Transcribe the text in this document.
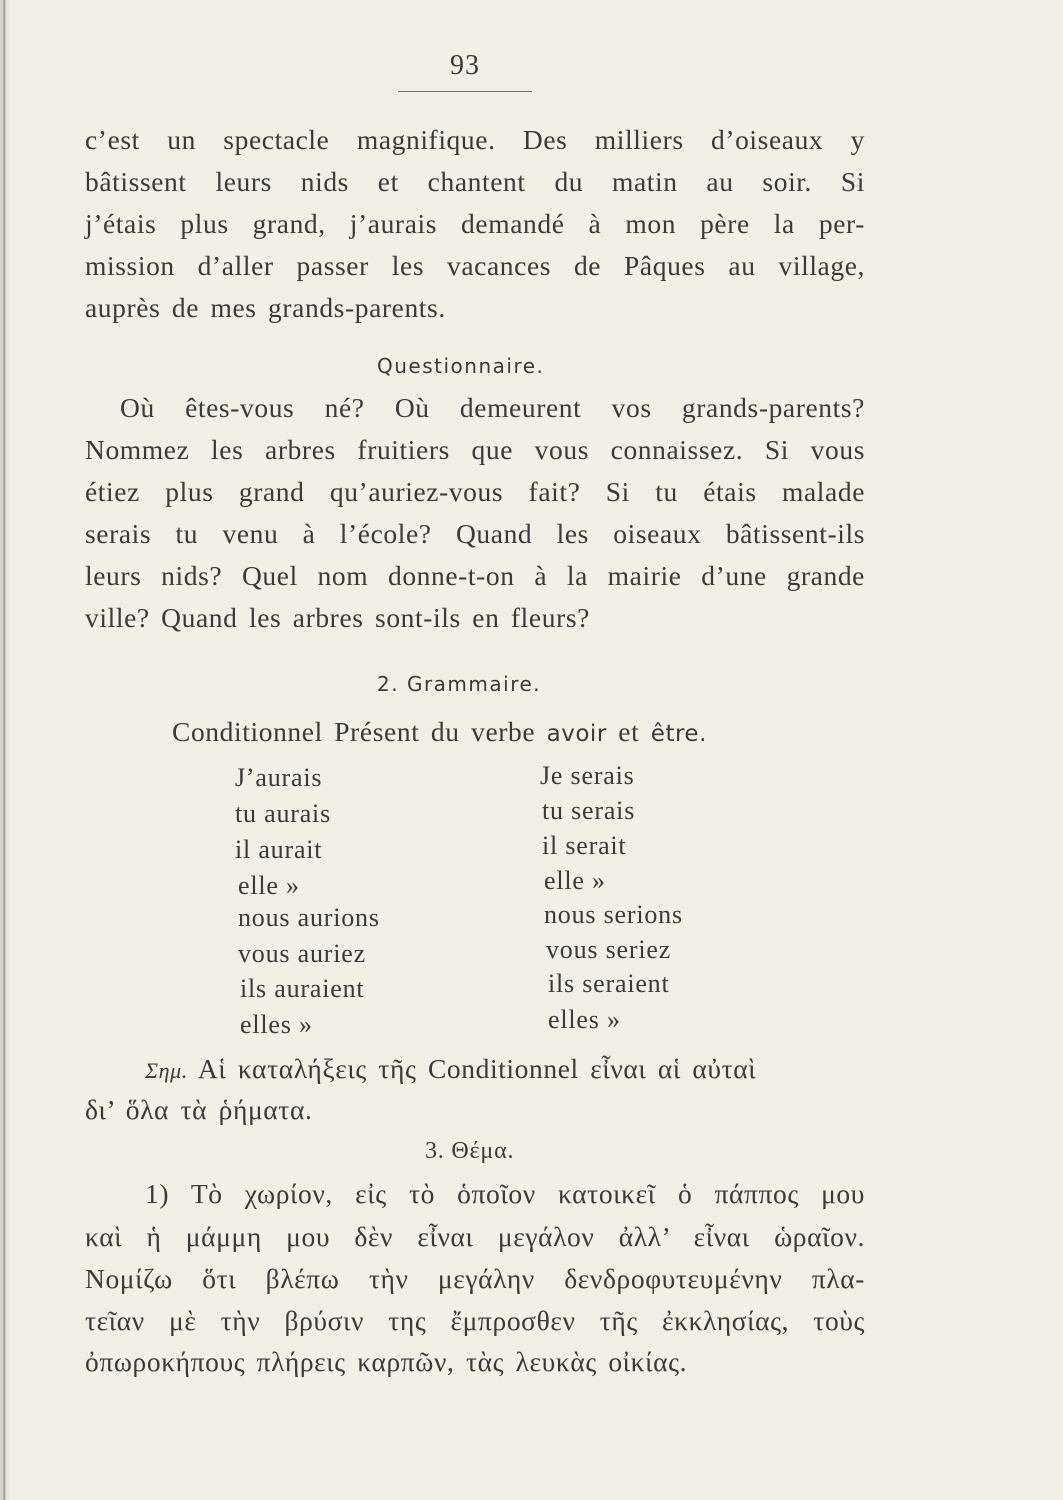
93
c’est un spectacle magnifique. Des milliers d’oiseaux y
bâtissent leurs nids et chantent du matin au soir. Si
j’étais plus grand, j’aurais demandé à mon père la per-
mission d’aller passer les vacances de Pâques au village,
auprès de mes grands-parents.
Questionnaire.
Où êtes-vous né? Où demeurent vos grands-parents?
Nommez les arbres fruitiers que vous connaissez. Si vous
étiez plus grand qu’auriez-vous fait? Si tu étais malade
serais tu venu à l’école? Quand les oiseaux bâtissent-ils
leurs nids? Quel nom donne-t-on à la mairie d’une grande
ville? Quand les arbres sont-ils en fleurs?
2. Grammaire.
Conditionnel Présent du verbe avoir et être.
J’aurais
tu aurais
il aurait
elle »
nous aurions
vous auriez
ils auraient
elles »
Je serais
tu serais
il serait
elle »
nous serions
vous seriez
ils seraient
elles »
Σημ. Αἱ καταλήξεις τῆς Conditionnel εἶναι αἱ αὐταὶ
δι’ ὅλα τὰ ῥήματα.
3. Θέμα.
1) Τὸ χωρίον, εἰς τὸ ὁποῖον κατοικεῖ ὁ πάππος μου
καὶ ἡ μάμμη μου δὲν εἶναι μεγάλον ἀλλ’ εἶναι ὡραῖον.
Νομίζω ὅτι βλέπω τὴν μεγάλην δενδροφυτευμένην πλα-
τεῖαν μὲ τὴν βρύσιν της ἔμπροσθεν τῆς ἐκκλησίας, τοὺς
ὀπωροκήπους πλήρεις καρπῶν, τὰς λευκὰς οἰκίας.
